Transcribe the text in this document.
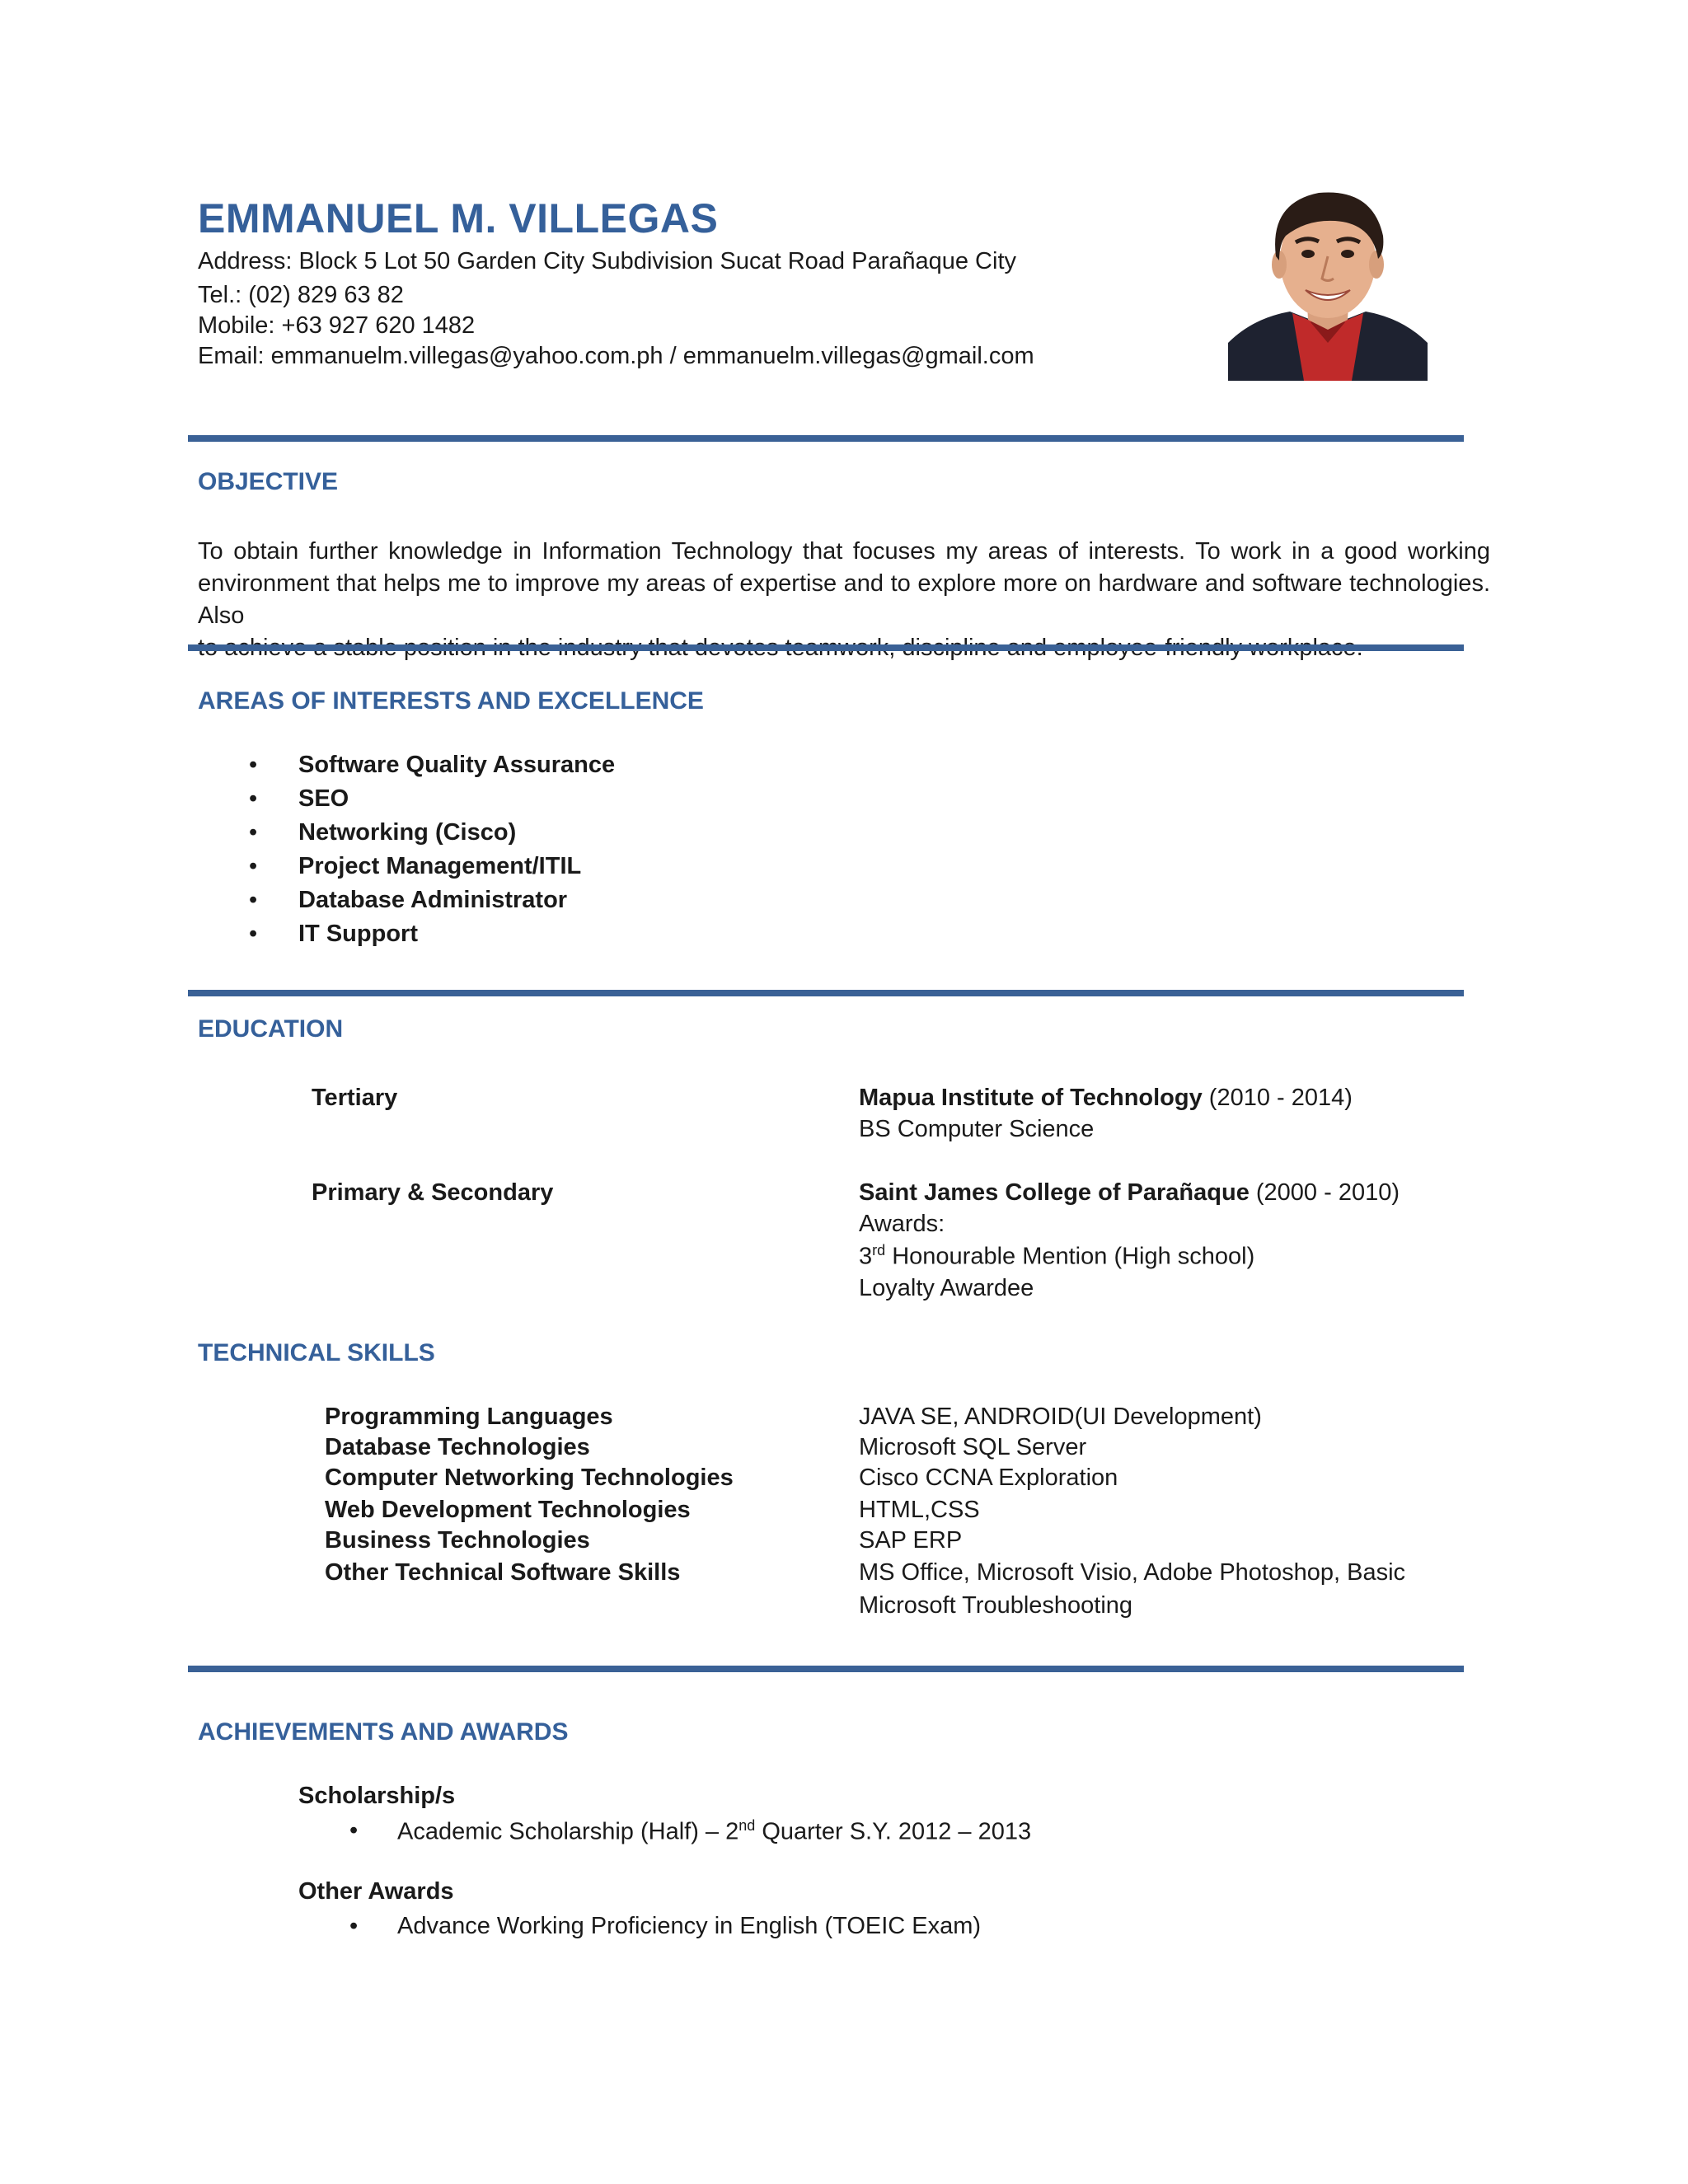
EMMANUEL M. VILLEGAS
Address: Block 5 Lot 50 Garden City Subdivision Sucat Road Parañaque City
Tel.: (02) 829 63 82
Mobile: +63 927 620 1482
Email: emmanuelm.villegas@yahoo.com.ph / emmanuelm.villegas@gmail.com
OBJECTIVE
To obtain further knowledge in Information Technology that focuses my areas of interests. To work in a good working
environment that helps me to improve my areas of expertise and to explore more on hardware and software technologies. Also
AREAS OF INTERESTS AND EXCELLENCE
• Software Quality Assurance
• SEO
• Networking (Cisco)
• Project Management/ITIL
• Database Administrator
• IT Support
EDUCATION
Tertiary	Mapua Institute of Technology (2010 - 2014)
BS Computer Science
Primary & Secondary	Saint James College of Parañaque (2000 - 2010)
Awards:
3rd Honourable Mention (High school)
Loyalty Awardee
TECHNICAL SKILLS
Programming Languages	JAVA SE, ANDROID(UI Development)
Database Technologies	Microsoft SQL Server
Computer Networking Technologies	Cisco CCNA Exploration
Web Development Technologies	HTML,CSS
Business Technologies	SAP ERP
Other Technical Software Skills	MS Office, Microsoft Visio, Adobe Photoshop, Basic
Microsoft Troubleshooting
ACHIEVEMENTS AND AWARDS
Scholarship/s
• Academic Scholarship (Half) – 2nd Quarter S.Y. 2012 – 2013
Other Awards
• Advance Working Proficiency in English (TOEIC Exam)
